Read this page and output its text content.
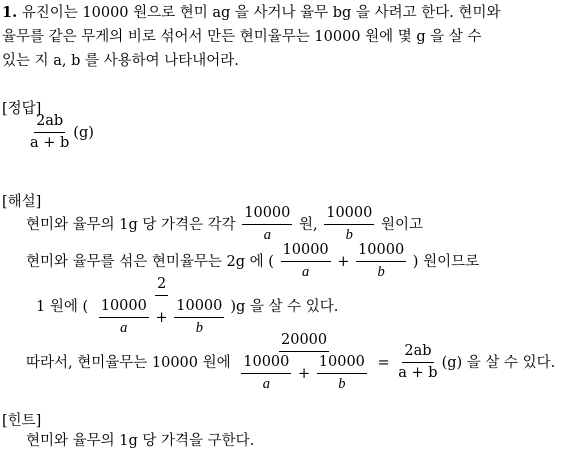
1. 유진이는 10000 원으로 현미 ag 을 사거나 율무 bg 을 사려고 한다. 현미와
율무를 같은 무게의 비로 섞어서 만든 현미율무는 10000 원에 몇 g 을 살 수
있는 지 a, b 를 사용하여 나타내어라.
[정답]
$\frac{2ab}{a + b} (g)$
[해설]
현미와 율무의 1g 당 가격은 각각 $\frac{10000}{a}$ 원, $\frac{10000}{b}$ 원이고
현미와 율무를 섞은 현미율무는 2g 에 ( $\frac{10000}{a} + \frac{10000}{b}$ ) 원이므로
1 원에 ( $\frac{2}{\frac{10000}{a} + \frac{10000}{b}} )g$ 을 살 수 있다.
따라서, 현미율무는 10000 원에 $\frac{20000}{\frac{10000}{a} + \frac{10000}{b}} = \frac{2ab}{a + b} (g)$ 을 살 수 있다.
[힌트]
현미와 율무의 1g 당 가격을 구한다.
